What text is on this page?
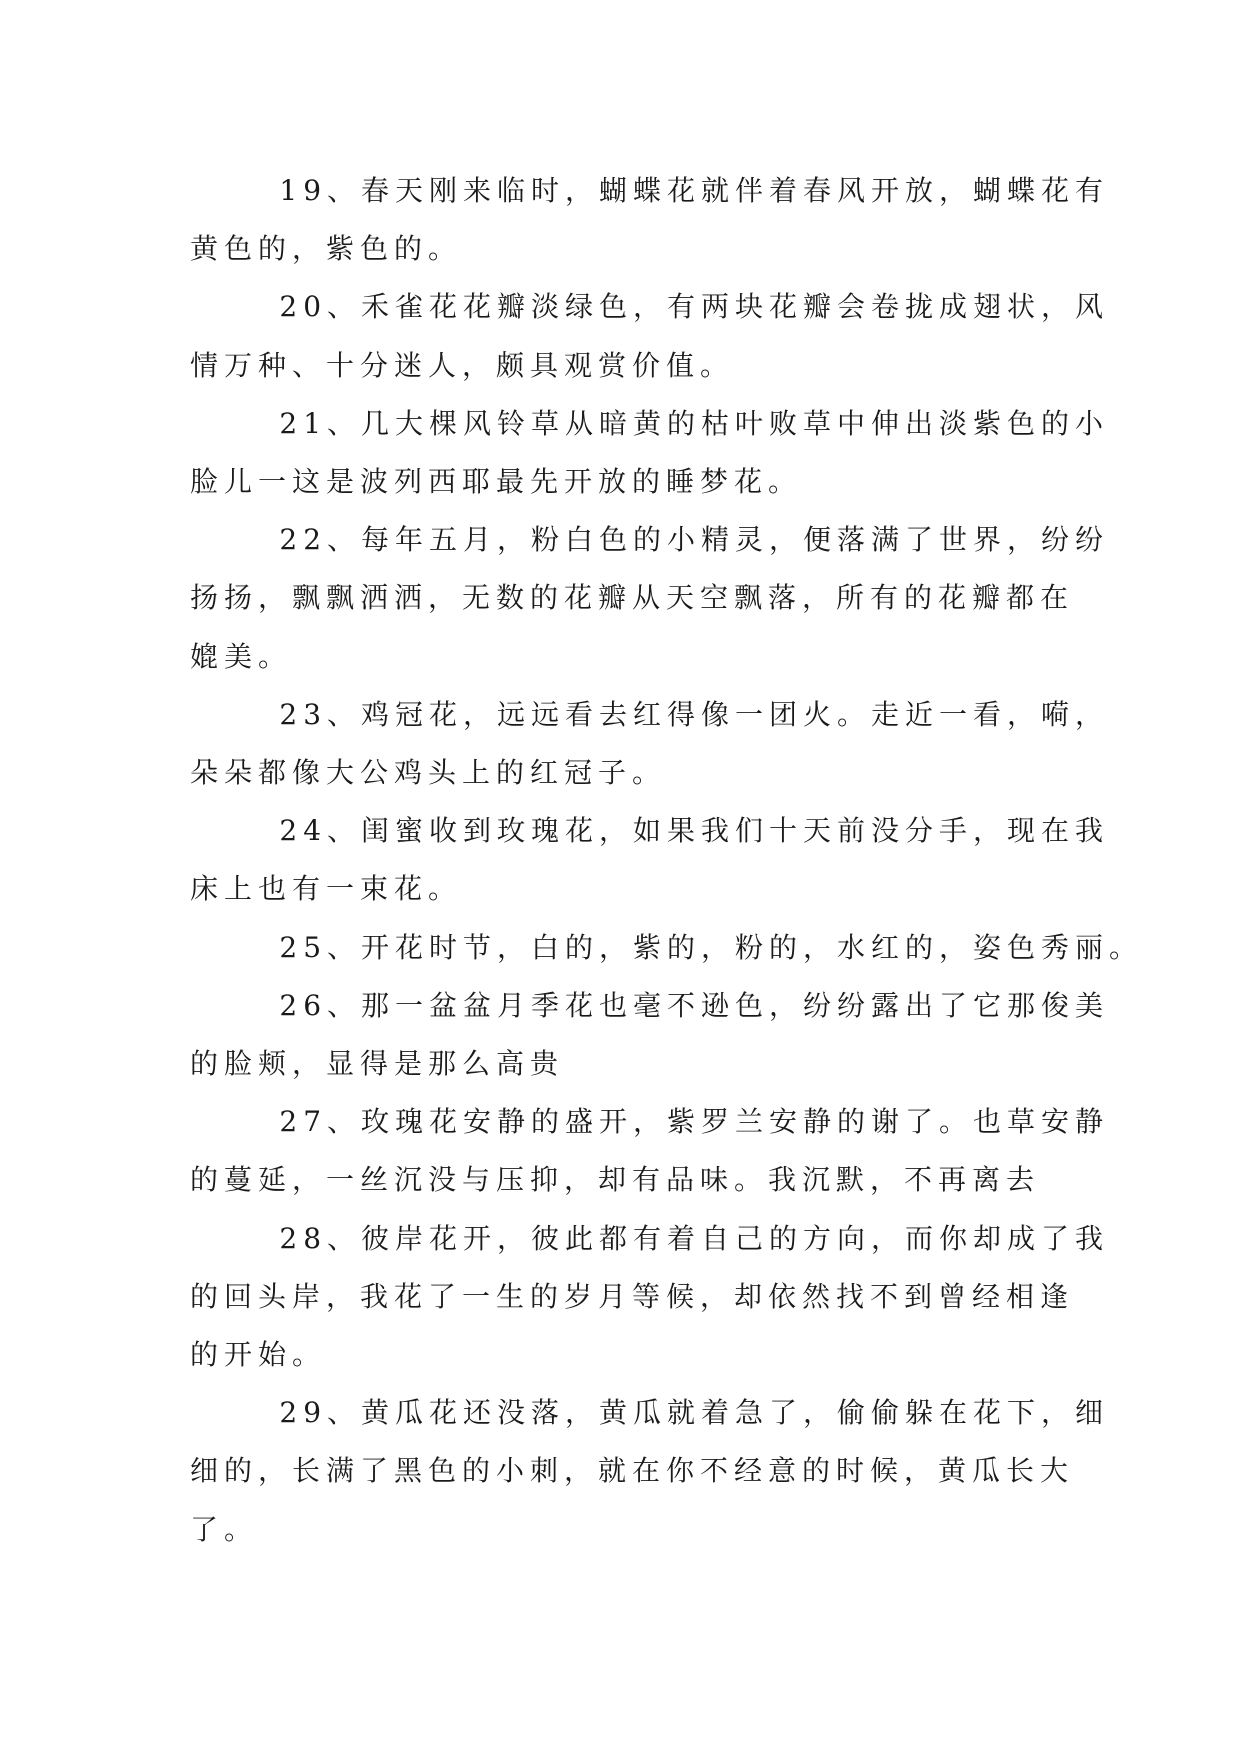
19、春天刚来临时，蝴蝶花就伴着春风开放，蝴蝶花有
黄色的，紫色的。
20、禾雀花花瓣淡绿色，有两块花瓣会卷拢成翅状，风
情万种、十分迷人，颇具观赏价值。
21、几大棵风铃草从暗黄的枯叶败草中伸出淡紫色的小
脸儿一这是波列西耶最先开放的睡梦花。
22、每年五月，粉白色的小精灵，便落满了世界，纷纷
扬扬，飘飘洒洒，无数的花瓣从天空飘落，所有的花瓣都在
媲美。
23、鸡冠花，远远看去红得像一团火。走近一看，嗬，
朵朵都像大公鸡头上的红冠子。
24、闺蜜收到玫瑰花，如果我们十天前没分手，现在我
床上也有一束花。
25、开花时节，白的，紫的，粉的，水红的，姿色秀丽。
26、那一盆盆月季花也毫不逊色，纷纷露出了它那俊美
的脸颊，显得是那么高贵
27、玫瑰花安静的盛开，紫罗兰安静的谢了。也草安静
的蔓延，一丝沉没与压抑，却有品味。我沉默，不再离去
28、彼岸花开，彼此都有着自己的方向，而你却成了我
的回头岸，我花了一生的岁月等候，却依然找不到曾经相逢
的开始。
29、黄瓜花还没落，黄瓜就着急了，偷偷躲在花下，细
细的，长满了黑色的小刺，就在你不经意的时候，黄瓜长大
了。
